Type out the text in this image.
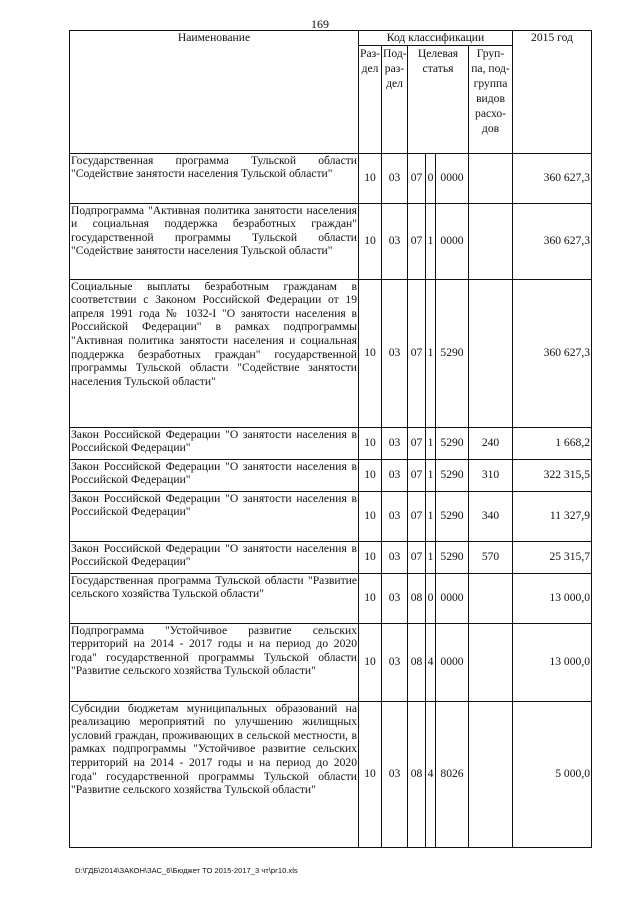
169
Наименование	Код классификации						2015 год
	Раз-дел	Под-раз-дел	Целевая статья			Груп-па, под-группа видов расхо-дов	
Государственная программа Тульской области "Содействие занятости населения Тульской области"	10	03	07	0	0000		360 627,3
Подпрограмма "Активная политика занятости населения и социальная поддержка безработных граждан" государственной программы Тульской области "Содействие занятости населения Тульской области"	10	03	07	1	0000		360 627,3
Социальные выплаты безработным гражданам в соответствии с Законом Российской Федерации от 19 апреля 1991 года № 1032-I "О занятости населения в Российской Федерации" в рамках подпрограммы "Активная политика занятости населения и социальная поддержка безработных граждан" государственной программы Тульской области "Содействие занятости населения Тульской области"	10	03	07	1	5290		360 627,3
Закон Российской Федерации "О занятости населения в Российской Федерации"	10	03	07	1	5290	240	1 668,2
Закон Российской Федерации "О занятости населения в Российской Федерации"	10	03	07	1	5290	310	322 315,5
Закон Российской Федерации "О занятости населения в Российской Федерации"	10	03	07	1	5290	340	11 327,9
Закон Российской Федерации "О занятости населения в Российской Федерации"	10	03	07	1	5290	570	25 315,7
Государственная программа Тульской области "Развитие сельского хозяйства Тульской области"	10	03	08	0	0000		13 000,0
Подпрограмма "Устойчивое развитие сельских территорий на 2014 - 2017 годы и на период до 2020 года" государственной программы Тульской области "Развитие сельского хозяйства Тульской области"	10	03	08	4	0000		13 000,0
Субсидии бюджетам муниципальных образований на реализацию мероприятий по улучшению жилищных условий граждан, проживающих в сельской местности, в рамках подпрограммы "Устойчивое развитие сельских территорий на 2014 - 2017 годы и на период до 2020 года" государственной программы Тульской области "Развитие сельского хозяйства Тульской области"	10	03	08	4	8026		5 000,0
D:\ГДБ\2014\ЗАКОН\ЗАС_6\Бюджет ТО 2015-2017_3 чт\рг10.xls
